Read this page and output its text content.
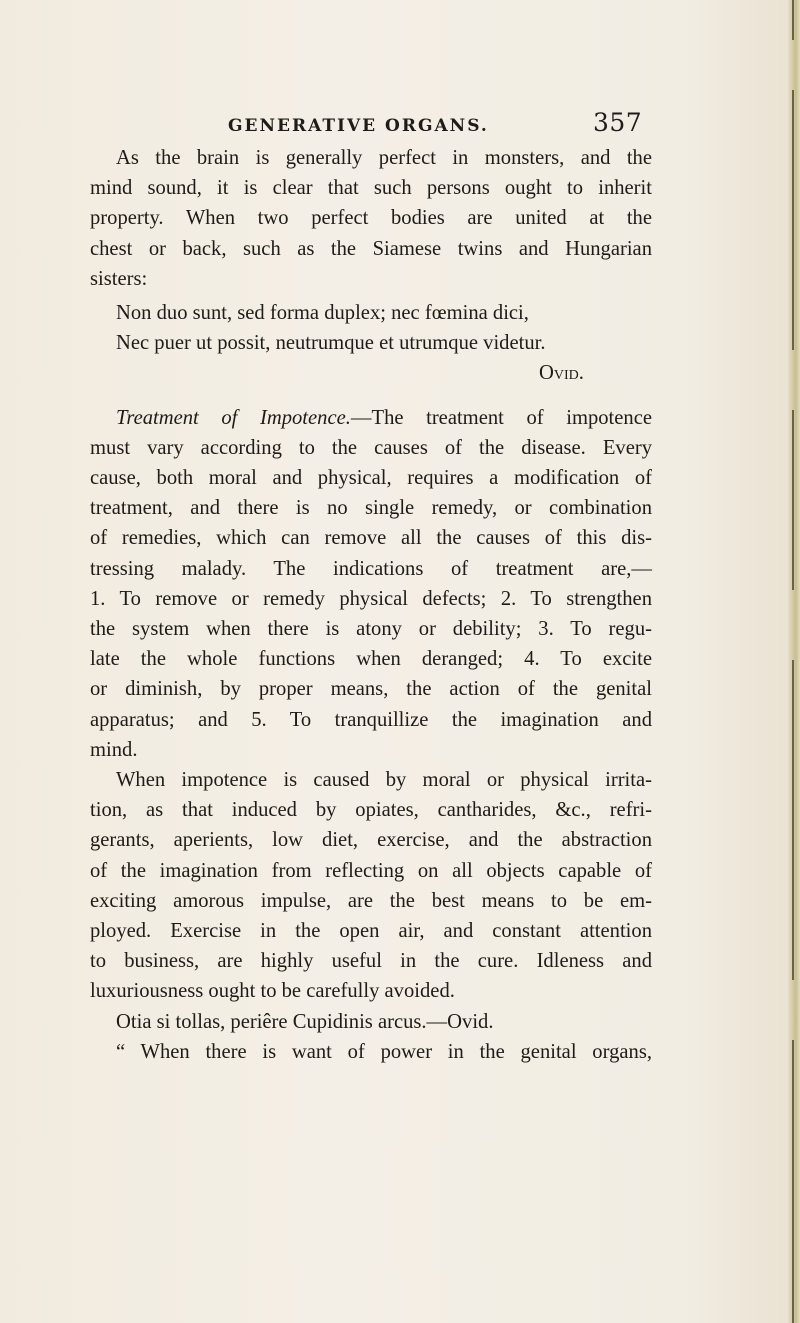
GENERATIVE ORGANS.	357
As the brain is generally perfect in monsters, and the
mind sound, it is clear that such persons ought to inherit
property. When two perfect bodies are united at the
chest or back, such as the Siamese twins and Hungarian
sisters:
Non duo sunt, sed forma duplex; nec fœmina dici,
Nec puer ut possit, neutrumque et utrumque videtur.
Ovid.
Treatment of Impotence.—The treatment of impotence
must vary according to the causes of the disease. Every
cause, both moral and physical, requires a modification of
treatment, and there is no single remedy, or combination
of remedies, which can remove all the causes of this dis-
tressing malady. The indications of treatment are,—
1. To remove or remedy physical defects; 2. To strengthen
the system when there is atony or debility; 3. To regu-
late the whole functions when deranged; 4. To excite
or diminish, by proper means, the action of the genital
apparatus; and 5. To tranquillize the imagination and
mind.
When impotence is caused by moral or physical irrita-
tion, as that induced by opiates, cantharides, &c., refri-
gerants, aperients, low diet, exercise, and the abstraction
of the imagination from reflecting on all objects capable of
exciting amorous impulse, are the best means to be em-
ployed. Exercise in the open air, and constant attention
to business, are highly useful in the cure. Idleness and
luxuriousness ought to be carefully avoided.
Otia si tollas, periêre Cupidinis arcus.—Ovid.
“ When there is want of power in the genital organs,
